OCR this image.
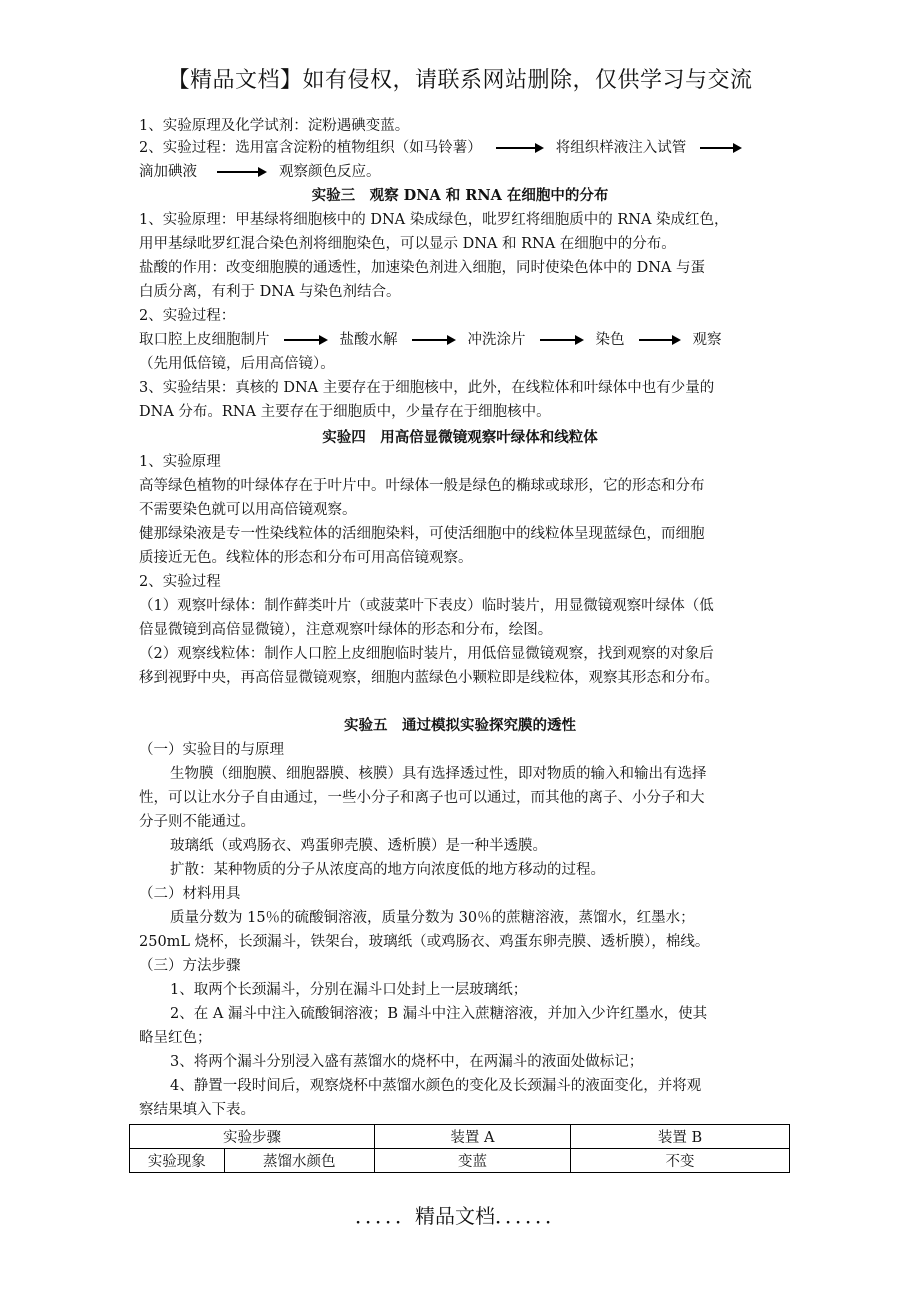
【精品文档】如有侵权，请联系网站删除，仅供学习与交流
1、实验原理及化学试剂：淀粉遇碘变蓝。
2、实验过程：选用富含淀粉的植物组织（如马铃薯）	将组织样液注入试管
滴加碘液	观察颜色反应。
实验三　观察 DNA 和 RNA 在细胞中的分布
1、实验原理：甲基绿将细胞核中的 DNA 染成绿色，吡罗红将细胞质中的 RNA 染成红色，
用甲基绿吡罗红混合染色剂将细胞染色，可以显示 DNA 和 RNA 在细胞中的分布。
盐酸的作用：改变细胞膜的通透性，加速染色剂进入细胞，同时使染色体中的 DNA 与蛋
白质分离，有利于 DNA 与染色剂结合。
2、实验过程：
取口腔上皮细胞制片	盐酸水解	冲洗涂片	染色	观察
（先用低倍镜，后用高倍镜）。
3、实验结果：真核的 DNA 主要存在于细胞核中，此外，在线粒体和叶绿体中也有少量的
DNA 分布。RNA 主要存在于细胞质中，少量存在于细胞核中。
实验四　用高倍显微镜观察叶绿体和线粒体
1、实验原理
高等绿色植物的叶绿体存在于叶片中。叶绿体一般是绿色的椭球或球形，它的形态和分布
不需要染色就可以用高倍镜观察。
健那绿染液是专一性染线粒体的活细胞染料，可使活细胞中的线粒体呈现蓝绿色，而细胞
质接近无色。线粒体的形态和分布可用高倍镜观察。
2、实验过程
（1）观察叶绿体：制作藓类叶片（或菠菜叶下表皮）临时装片，用显微镜观察叶绿体（低
倍显微镜到高倍显微镜），注意观察叶绿体的形态和分布，绘图。
（2）观察线粒体：制作人口腔上皮细胞临时装片，用低倍显微镜观察，找到观察的对象后
移到视野中央，再高倍显微镜观察，细胞内蓝绿色小颗粒即是线粒体，观察其形态和分布。
实验五　通过模拟实验探究膜的透性
（一）实验目的与原理
生物膜（细胞膜、细胞器膜、核膜）具有选择透过性，即对物质的输入和输出有选择
性，可以让水分子自由通过，一些小分子和离子也可以通过，而其他的离子、小分子和大
分子则不能通过。
玻璃纸（或鸡肠衣、鸡蛋卵壳膜、透析膜）是一种半透膜。
扩散：某种物质的分子从浓度高的地方向浓度低的地方移动的过程。
（二）材料用具
质量分数为 15％的硫酸铜溶液，质量分数为 30％的蔗糖溶液，蒸馏水，红墨水；
250mL 烧杯，长颈漏斗，铁架台，玻璃纸（或鸡肠衣、鸡蛋东卵壳膜、透析膜），棉线。
（三）方法步骤
1、取两个长颈漏斗，分别在漏斗口处封上一层玻璃纸；
2、在 A 漏斗中注入硫酸铜溶液；B 漏斗中注入蔗糖溶液，并加入少许红墨水，使其
略呈红色；
3、将两个漏斗分别浸入盛有蒸馏水的烧杯中，在两漏斗的液面处做标记；
4、静置一段时间后，观察烧杯中蒸馏水颜色的变化及长颈漏斗的液面变化，并将观
察结果填入下表。
实验步骤		装置 A	装置 B
实验现象	蒸馏水颜色	变蓝	不变
．．．．．精品文档．．．．．．
